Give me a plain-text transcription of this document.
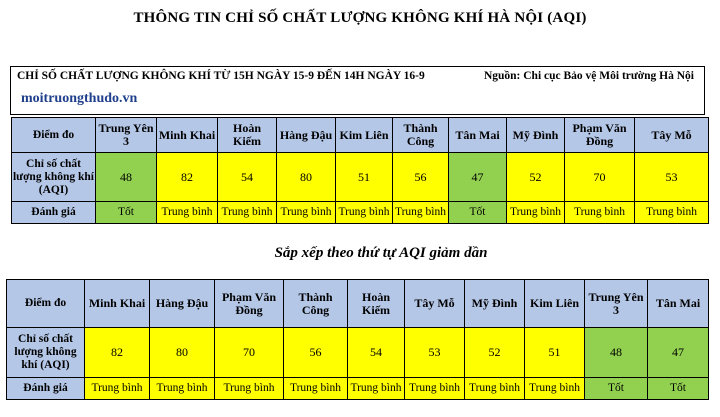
THÔNG TIN CHỈ SỐ CHẤT LƯỢNG KHÔNG KHÍ HÀ NỘI (AQI)
CHỈ SỐ CHẤT LƯỢNG KHÔNG KHÍ TỪ 15H NGÀY 15-9 ĐẾN 14H NGÀY 16-9	Nguồn: Chi cục Bảo vệ Môi trường Hà Nội
moitruongthudo.vn
Điểm đo	Trung Yên 3	Minh Khai	Hoàn Kiếm	Hàng Đậu	Kim Liên	Thành Công	Tân Mai	Mỹ Đình	Phạm Văn Đồng	Tây Mỗ
Chỉ số chất lượng không khí (AQI)	48	82	54	80	51	56	47	52	70	53
Đánh giá	Tốt	Trung bình	Trung bình	Trung bình	Trung bình	Trung bình	Tốt	Trung bình	Trung bình	Trung bình
Sắp xếp theo thứ tự AQI giảm dần
Điểm đo	Minh Khai	Hàng Đậu	Phạm Văn Đồng	Thành Công	Hoàn Kiếm	Tây Mỗ	Mỹ Đình	Kim Liên	Trung Yên 3	Tân Mai
Chỉ số chất lượng không khí (AQI)	82	80	70	56	54	53	52	51	48	47
Đánh giá	Trung bình	Trung bình	Trung bình	Trung bình	Trung bình	Trung bình	Trung bình	Trung bình	Tốt	Tốt
